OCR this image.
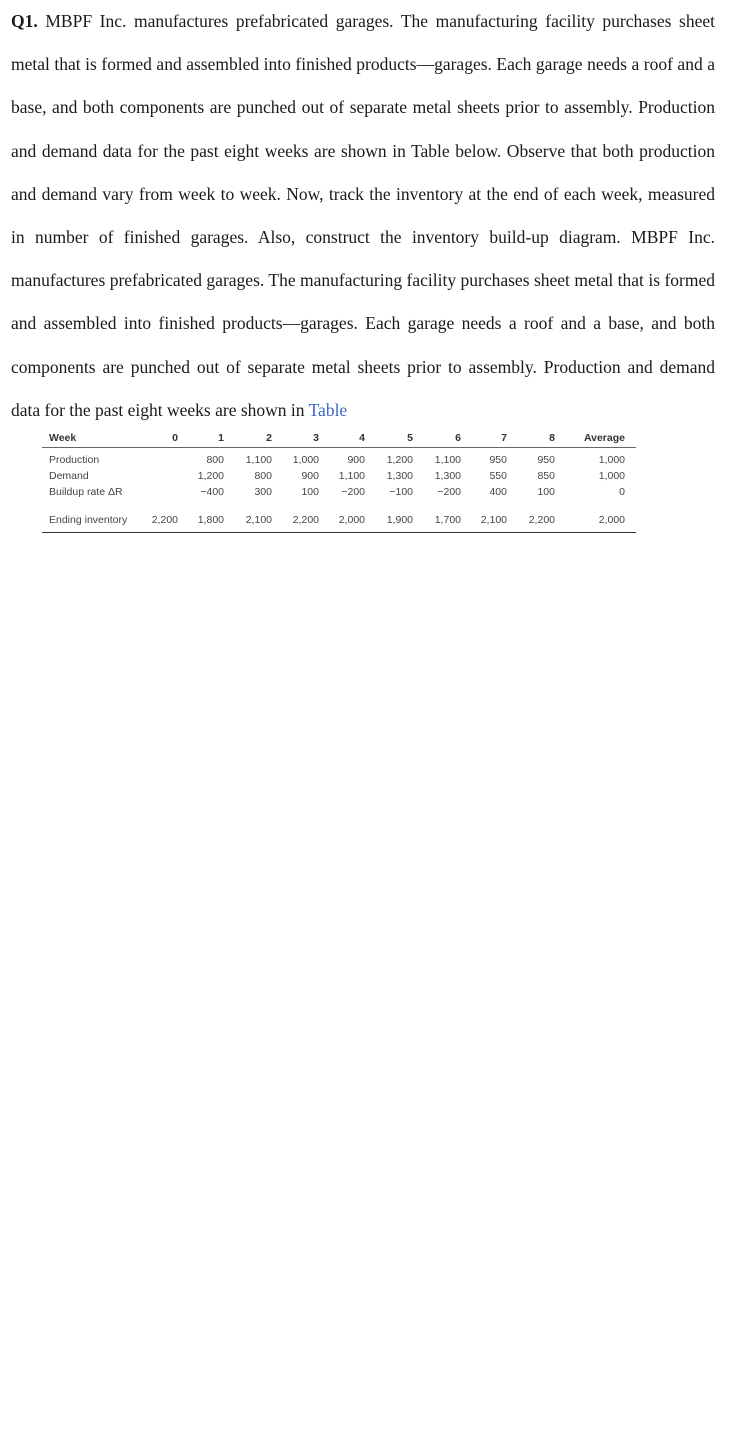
Q1. MBPF Inc. manufactures prefabricated garages. The manufacturing facility purchases sheet metal that is formed and assembled into finished products—garages. Each garage needs a roof and a base, and both components are punched out of separate metal sheets prior to assembly. Production and demand data for the past eight weeks are shown in Table below. Observe that both production and demand vary from week to week. Now, track the inventory at the end of each week, measured in number of finished garages. Also, construct the inventory build-up diagram. MBPF Inc. manufactures prefabricated garages. The manufacturing facility purchases sheet metal that is formed and assembled into finished products—garages. Each garage needs a roof and a base, and both components are punched out of separate metal sheets prior to assembly. Production and demand data for the past eight weeks are shown in Table
Week	0	1	2	3	4	5	6	7	8	Average
Production		800	1,100	1,000	900	1,200	1,100	950	950	1,000
Demand		1,200	800	900	1,100	1,300	1,300	550	850	1,000
Buildup rate ΔR		−400	300	100	−200	−100	−200	400	100	0

Ending inventory	2,200	1,800	2,100	2,200	2,000	1,900	1,700	2,100	2,200	2,000
